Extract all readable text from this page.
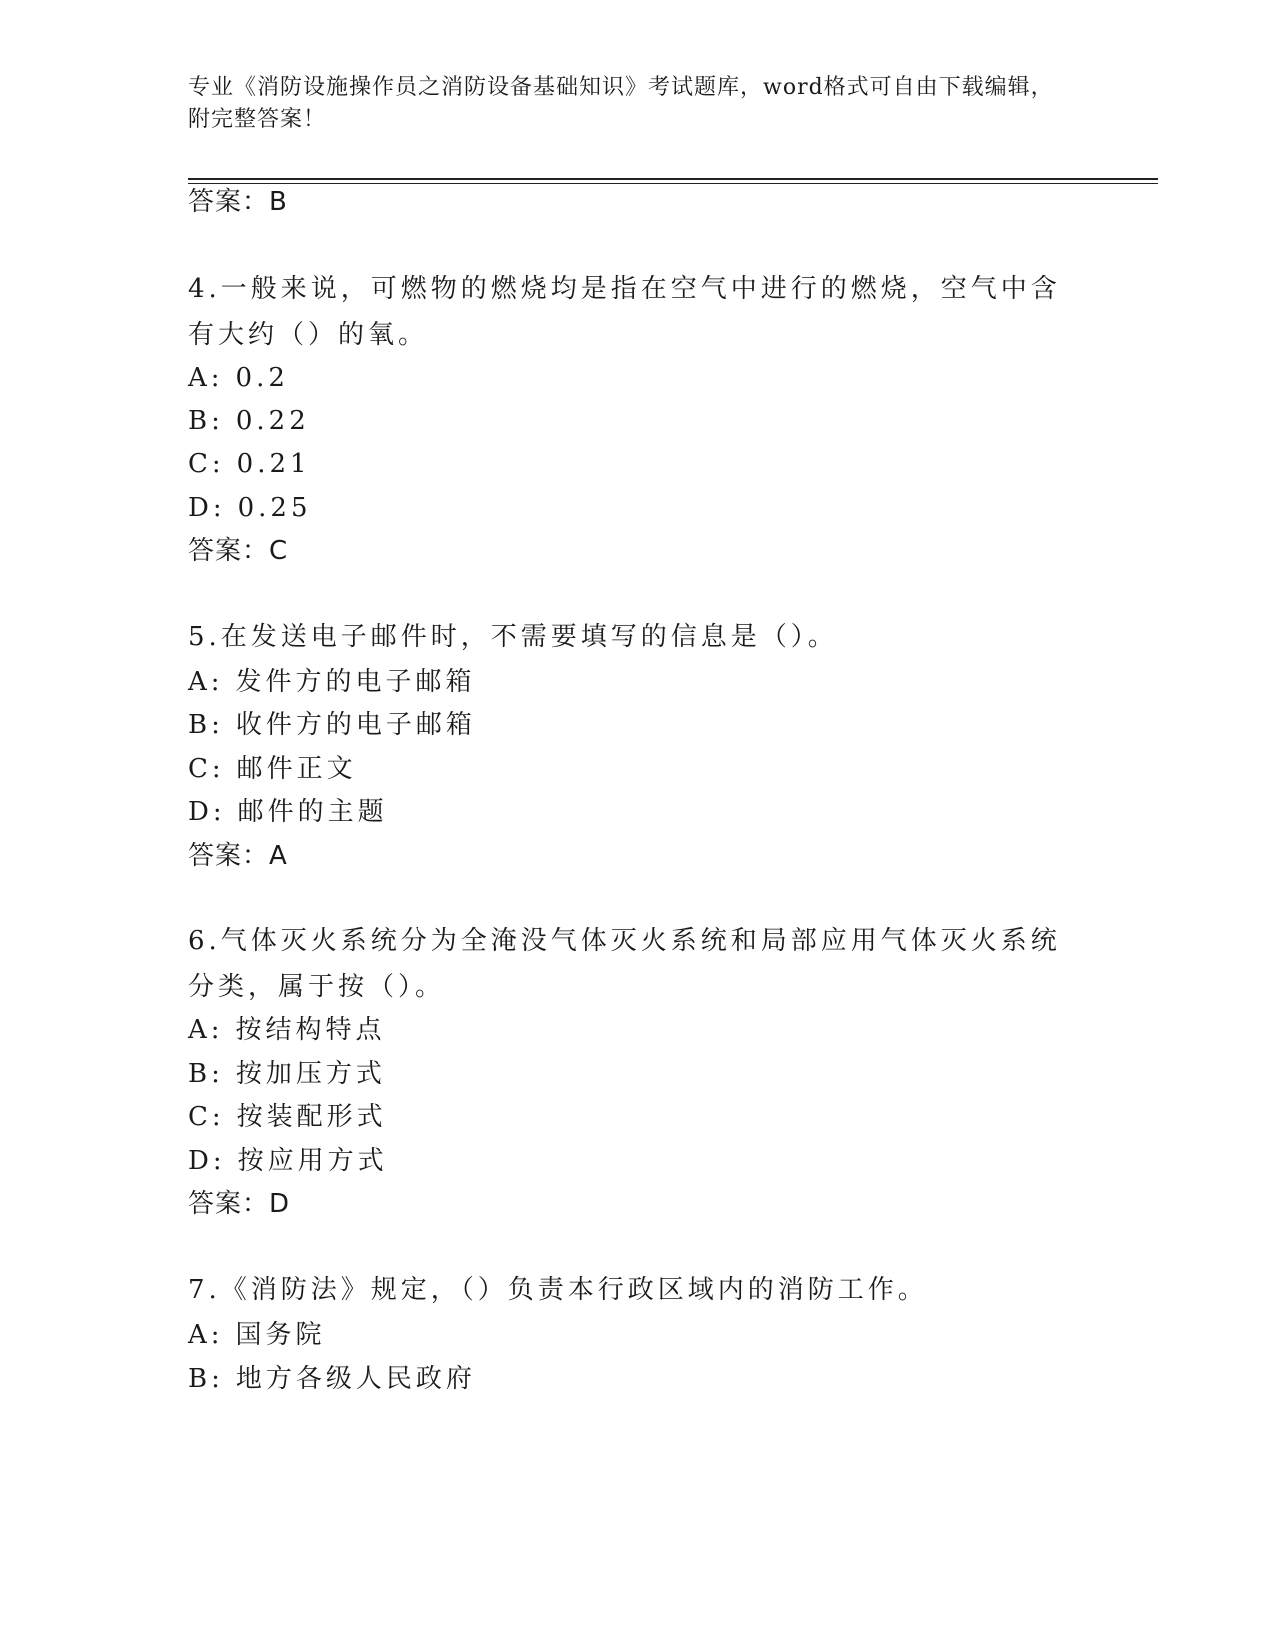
专业《消防设施操作员之消防设备基础知识》考试题库，word格式可自由下载编辑，附完整答案！
答案：B
4.一般来说，可燃物的燃烧均是指在空气中进行的燃烧，空气中含有大约（）的氧。
A: 0.2
B: 0.22
C: 0.21
D: 0.25
答案：C
5.在发送电子邮件时，不需要填写的信息是（）。
A: 发件方的电子邮箱
B: 收件方的电子邮箱
C: 邮件正文
D: 邮件的主题
答案：A
6.气体灭火系统分为全淹没气体灭火系统和局部应用气体灭火系统分类，属于按（）。
A: 按结构特点
B: 按加压方式
C: 按装配形式
D: 按应用方式
答案：D
7.《消防法》规定，（）负责本行政区域内的消防工作。
A: 国务院
B: 地方各级人民政府
